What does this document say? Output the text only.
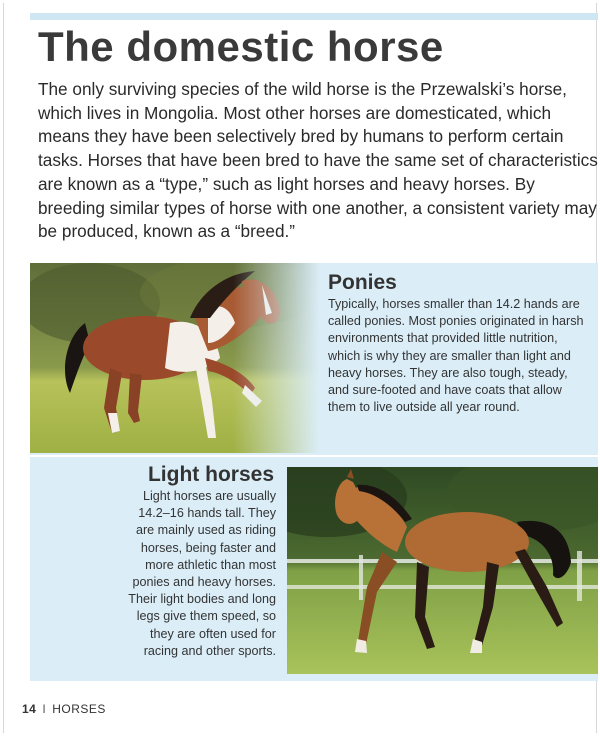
The domestic horse

The only surviving species of the wild horse is the Przewalski’s horse, which lives in Mongolia. Most other horses are domesticated, which means they have been selectively bred by humans to perform certain tasks. Horses that have been bred to have the same set of characteristics are known as a “type,” such as light horses and heavy horses. By breeding similar types of horse with one another, a consistent variety may be produced, known as a “breed.”

Ponies

Typically, horses smaller than 14.2 hands are called ponies. Most ponies originated in harsh environments that provided little nutrition, which is why they are smaller than light and heavy horses. They are also tough, steady, and sure-footed and have coats that allow them to live outside all year round.

Light horses

Light horses are usually 14.2–16 hands tall. They are mainly used as riding horses, being faster and more athletic than most ponies and heavy horses. Their light bodies and long legs give them speed, so they are often used for racing and other sports.

14 I HORSES
